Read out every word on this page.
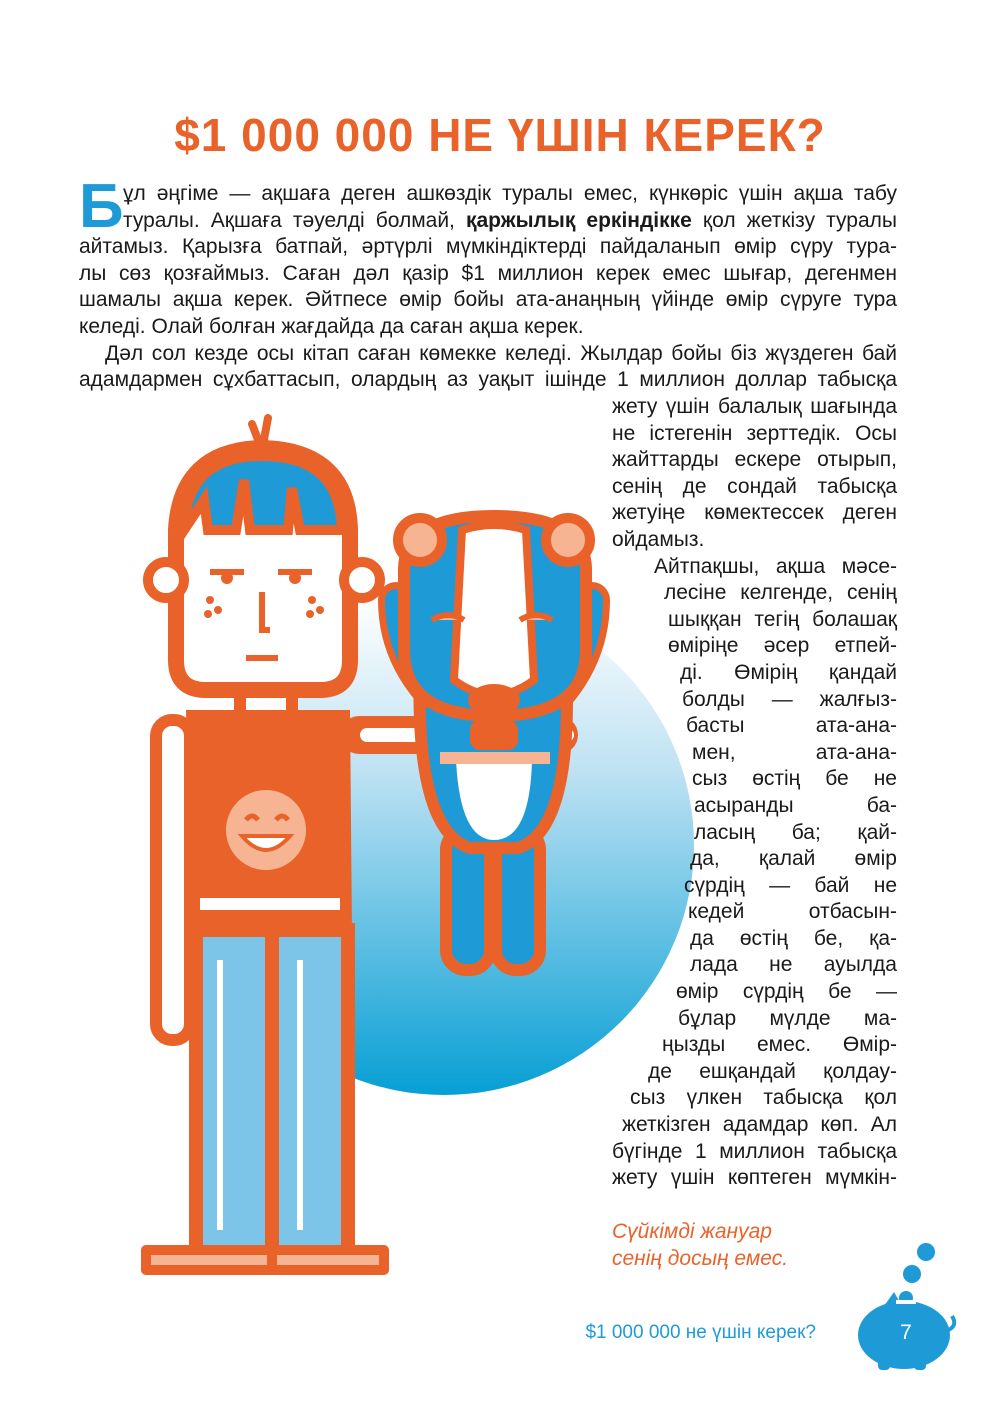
$1 000 000 НЕ ҮШІН КЕРЕК?
Б ұл әңгіме — ақшаға деген ашкөздік туралы емес, күнкөріс үшін ақша табу
туралы. Ақшаға тәуелді болмай, қаржылық еркіндікке қол жеткізу туралы
айтамыз. Қарызға батпай, әртүрлі мүмкіндіктерді пайдаланып өмір сүру тура-
лы сөз қозғаймыз. Саған дәл қазір $1 миллион керек емес шығар, дегенмен
шамалы ақша керек. Әйтпесе өмір бойы ата-анаңның үйінде өмір сүруге тура
келеді. Олай болған жағдайда да саған ақша керек.
Дәл сол кезде осы кітап саған көмекке келеді. Жылдар бойы біз жүздеген бай
адамдармен сұхбаттасып, олардың аз уақыт ішінде 1 миллион доллар табысқа
жету үшін балалық шағында
не істегенін зерттедік. Осы
жайттарды ескере отырып,
сенің де сондай табысқа
жетуіңе көмектессек деген
ойдамыз.
Айтпақшы, ақша мәсе-
лесіне келгенде, сенің
шыққан тегің болашақ
өміріңе әсер етпей-
ді. Өмірің қандай
болды — жалғыз-
басты ата-ана-
мен, ата-ана-
сыз өстің бе не
асыранды ба-
ласың ба; қай-
да, қалай өмір
сүрдің — бай не
кедей отбасын-
да өстің бе, қа-
лада не ауылда
өмір сүрдің бе —
бұлар мүлде ма-
ңызды емес. Өмір-
де ешқандай қолдау-
сыз үлкен табысқа қол
жеткізген адамдар көп. Ал
бүгінде 1 миллион табысқа
жету үшін көптеген мүмкін-
Сүйкімді жануар
сенің досың емес.
$1 000 000 не үшін керек?	7
